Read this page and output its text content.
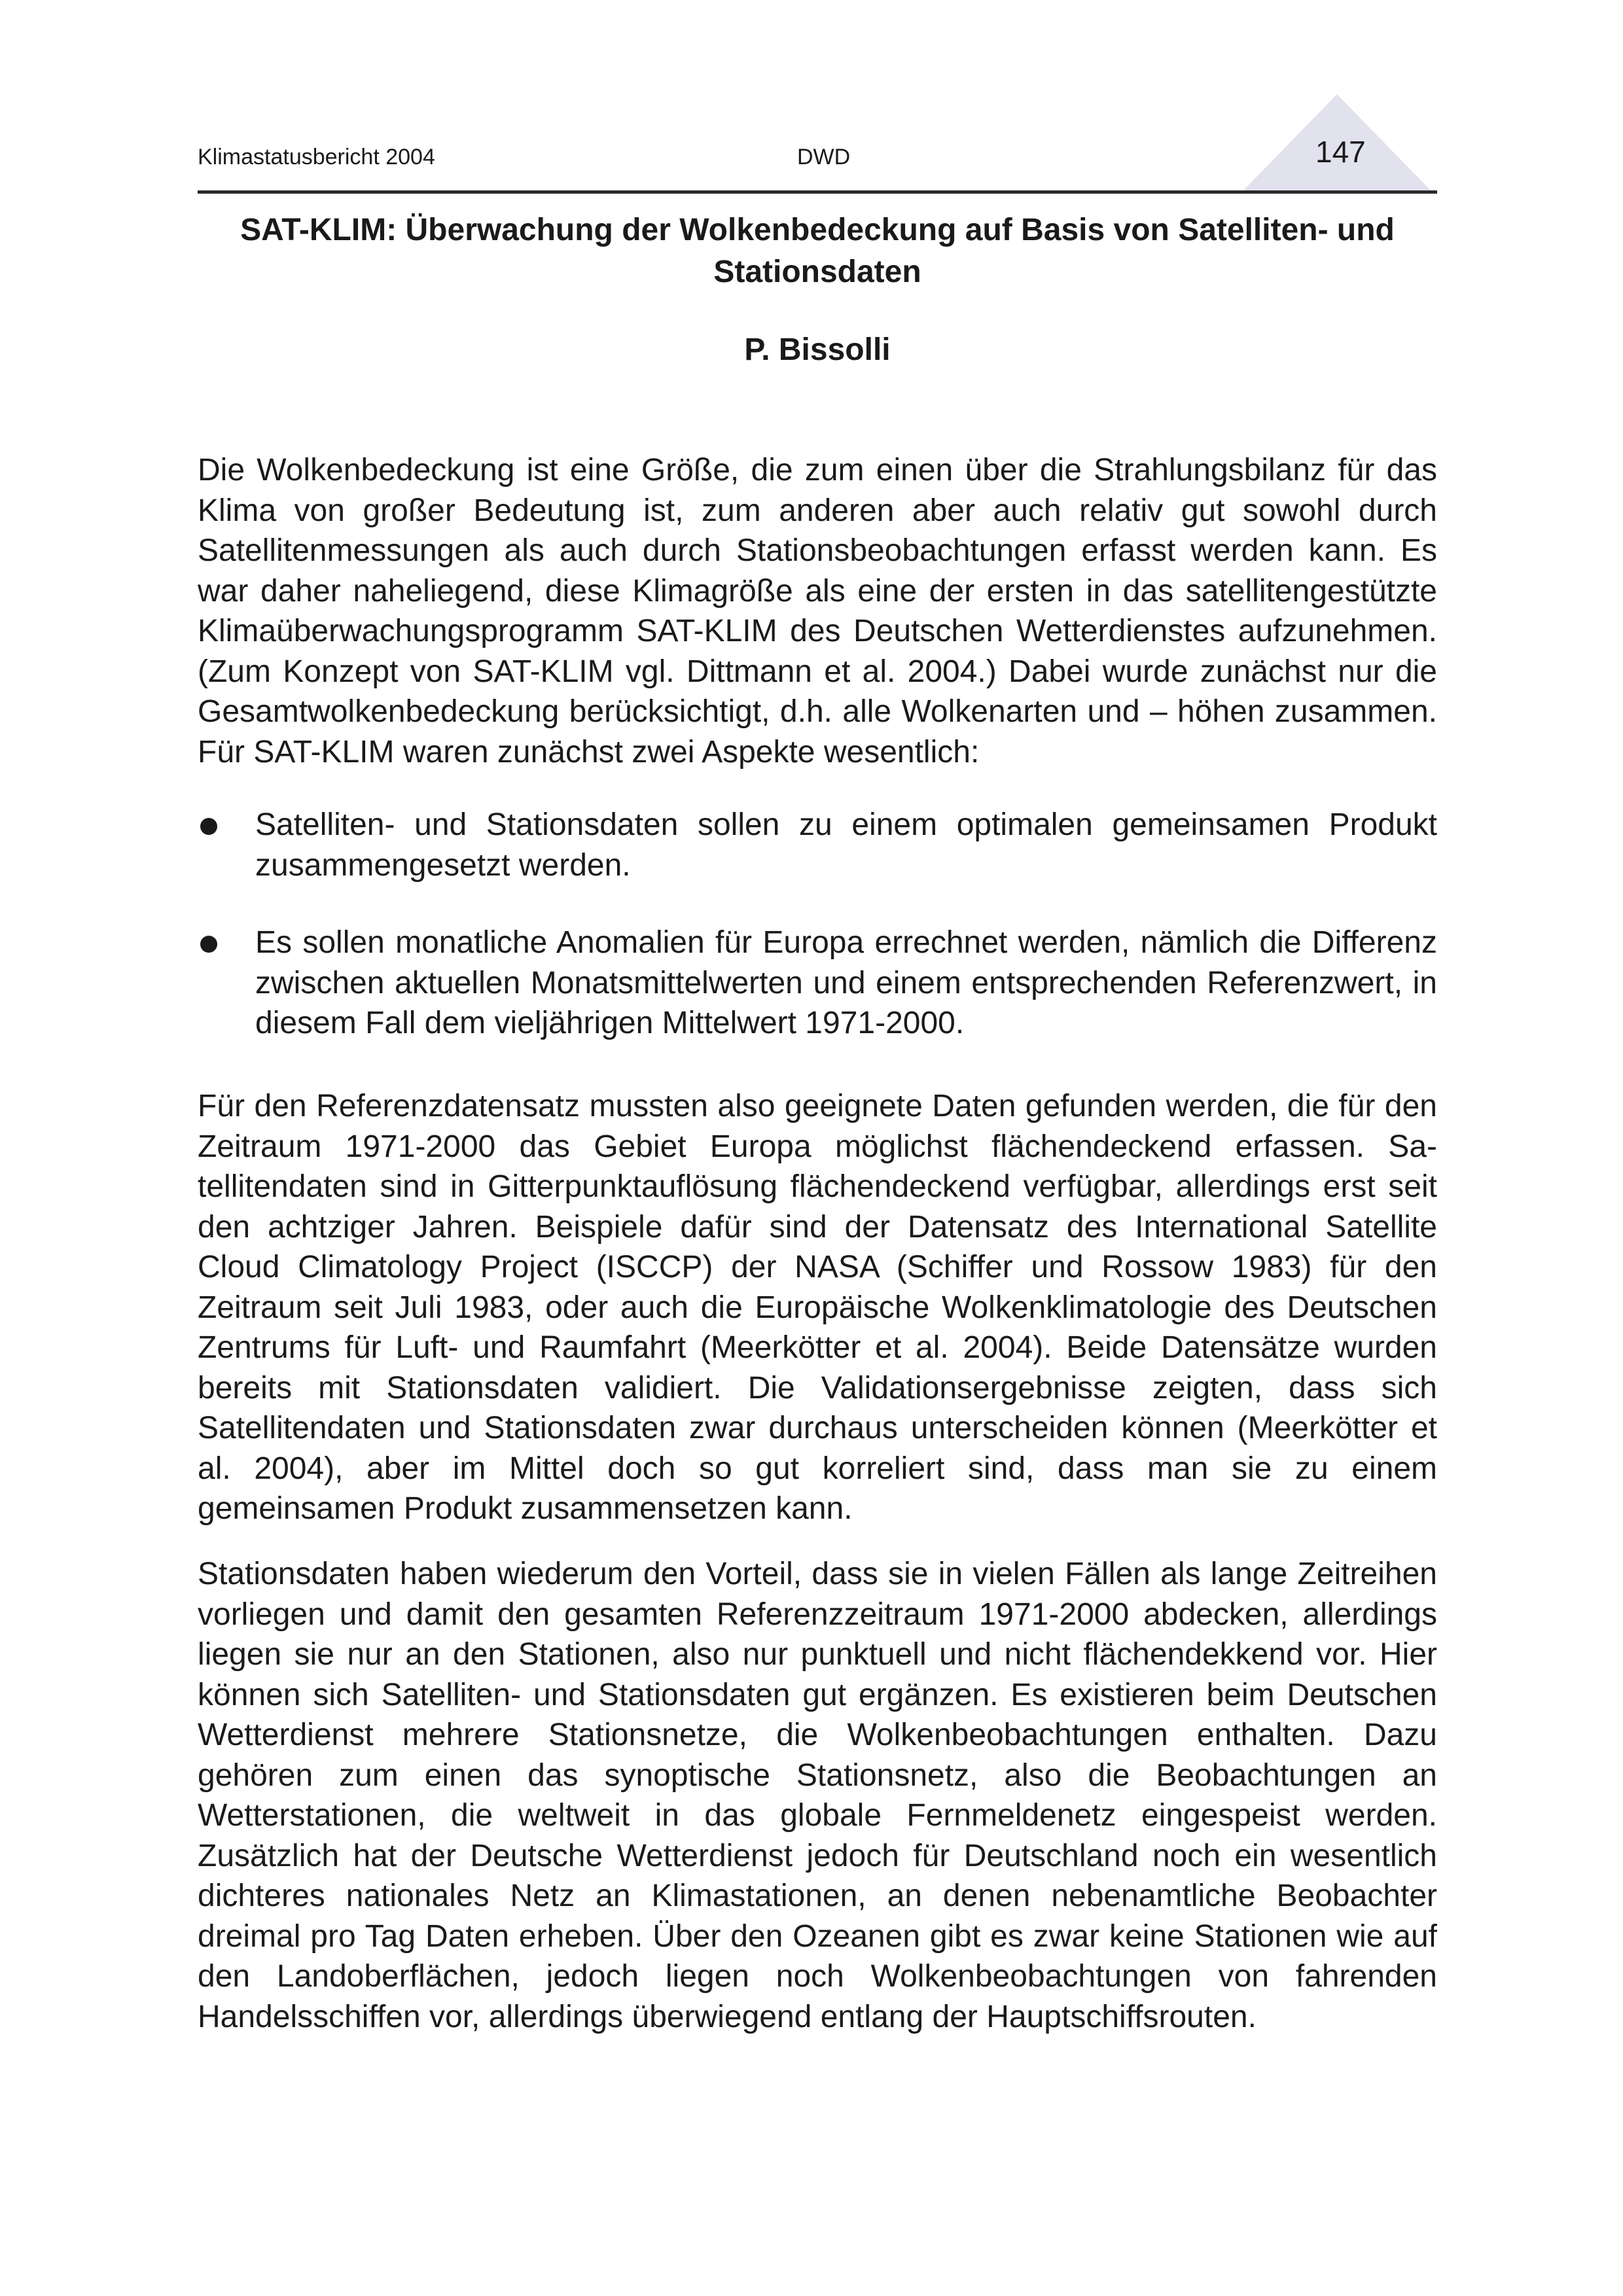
Klimastatusbericht 2004	DWD	147
SAT-KLIM: Überwachung der Wolkenbedeckung auf Basis von Satelliten- und Stationsdaten
P. Bissolli
Die Wolkenbedeckung ist eine Größe, die zum einen über die Strahlungsbilanz für das Klima von großer Bedeutung ist, zum anderen aber auch relativ gut sowohl durch Satellitenmessungen als auch durch Stationsbeobachtungen erfasst werden kann. Es war daher naheliegend, diese Klimagröße als eine der ersten in das satellitengestützte Klimaüberwachungsprogramm SAT-KLIM des Deutschen Wetterdienstes aufzunehmen. (Zum Konzept von SAT-KLIM vgl. Dittmann et al. 2004.) Dabei wurde zunächst nur die Gesamtwolkenbedeckung berücksichtigt, d.h. alle Wolkenarten und – höhen zusammen. Für SAT-KLIM waren zunächst zwei Aspekte wesentlich:
Satelliten- und Stationsdaten sollen zu einem optimalen gemeinsamen Produkt zusammengesetzt werden.
Es sollen monatliche Anomalien für Europa errechnet werden, nämlich die Differenz zwischen aktuellen Monatsmittelwerten und einem entsprechenden Referenzwert, in diesem Fall dem vieljährigen Mittelwert 1971-2000.
Für den Referenzdatensatz mussten also geeignete Daten gefunden werden, die für den Zeitraum 1971-2000 das Gebiet Europa möglichst flächendeckend erfassen. Satellitendaten sind in Gitterpunktauflösung flächendeckend verfügbar, allerdings erst seit den achtziger Jahren. Beispiele dafür sind der Datensatz des International Satellite Cloud Climatology Project (ISCCP) der NASA (Schiffer und Rossow 1983) für den Zeitraum seit Juli 1983, oder auch die Europäische Wolkenklimatologie des Deutschen Zentrums für Luft- und Raumfahrt (Meerkötter et al. 2004). Beide Datensätze wurden bereits mit Stationsdaten validiert. Die Validationsergebnisse zeigten, dass sich Satellitendaten und Stationsdaten zwar durchaus unterscheiden können (Meerkötter et al. 2004), aber im Mittel doch so gut korreliert sind, dass man sie zu einem gemeinsamen Produkt zusammensetzen kann.
Stationsdaten haben wiederum den Vorteil, dass sie in vielen Fällen als lange Zeitreihen vorliegen und damit den gesamten Referenzzeitraum 1971-2000 abdecken, allerdings liegen sie nur an den Stationen, also nur punktuell und nicht flächendekkend vor. Hier können sich Satelliten- und Stationsdaten gut ergänzen. Es existieren beim Deutschen Wetterdienst mehrere Stationsnetze, die Wolkenbeobachtungen enthalten. Dazu gehören zum einen das synoptische Stationsnetz, also die Beobachtungen an Wetterstationen, die weltweit in das globale Fernmeldenetz eingespeist werden. Zusätzlich hat der Deutsche Wetterdienst jedoch für Deutschland noch ein wesentlich dichteres nationales Netz an Klimastationen, an denen nebenamtliche Beobachter dreimal pro Tag Daten erheben. Über den Ozeanen gibt es zwar keine Stationen wie auf den Landoberflächen, jedoch liegen noch Wolkenbeobachtungen von fahrenden Handelsschiffen vor, allerdings überwiegend entlang der Hauptschiffsrouten.
